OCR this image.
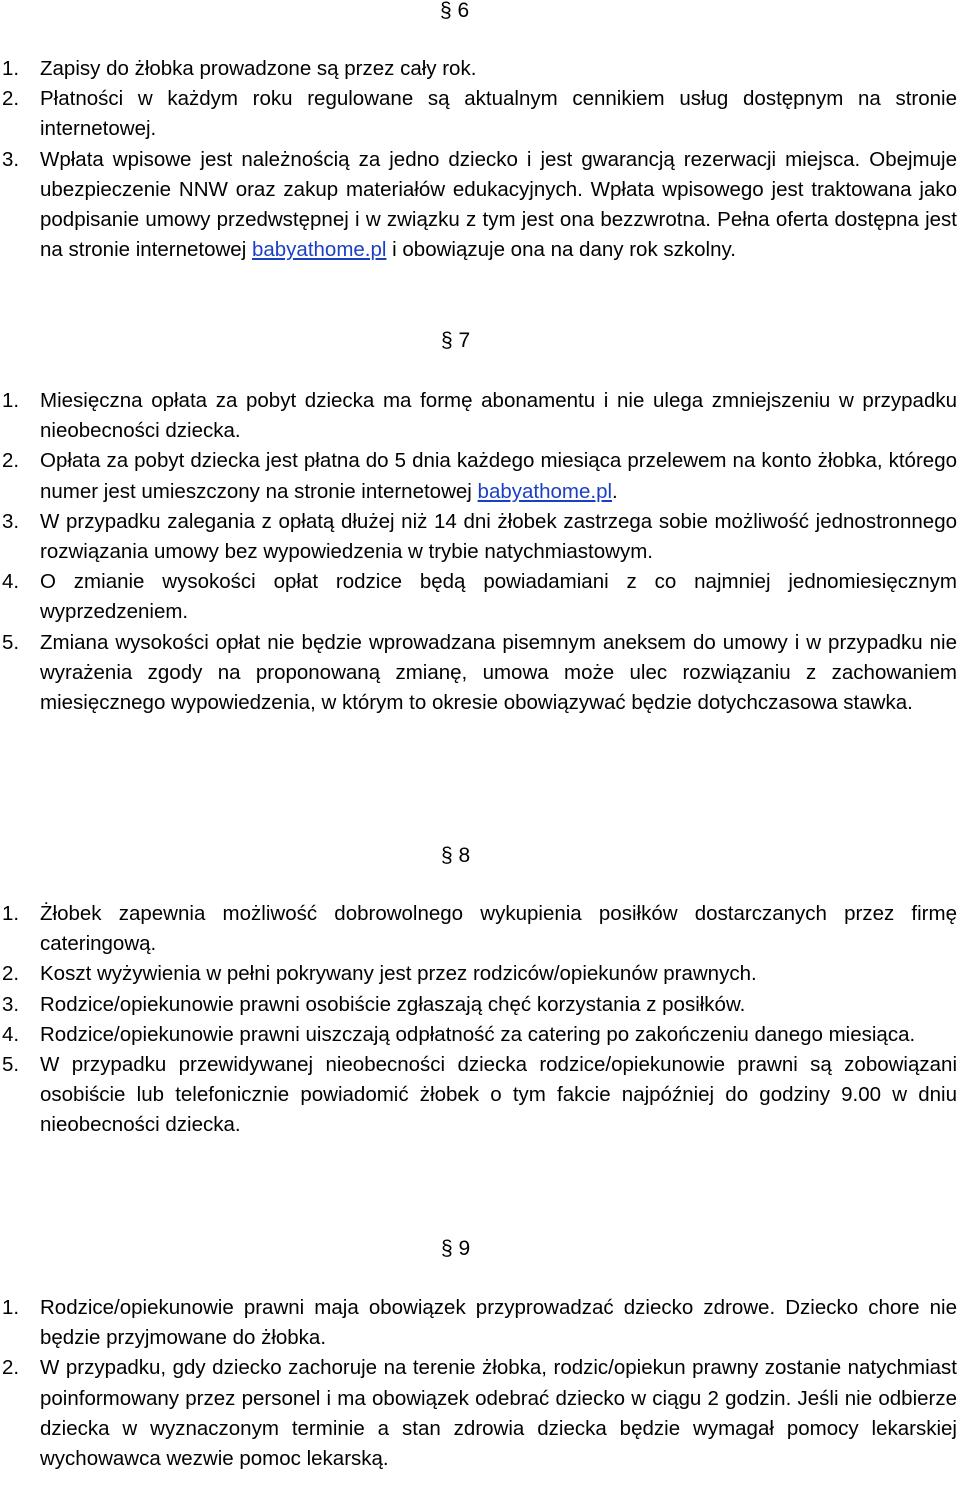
§ 6
1. Zapisy do żłobka prowadzone są przez cały rok.
2. Płatności w każdym roku regulowane są aktualnym cennikiem usług dostępnym na stronie internetowej.
3. Wpłata wpisowe jest należnością za jedno dziecko i jest gwarancją rezerwacji miejsca. Obejmuje ubezpieczenie NNW oraz zakup materiałów edukacyjnych. Wpłata wpisowego jest traktowana jako podpisanie umowy przedwstępnej i w związku z tym jest ona bezzwrotna. Pełna oferta dostępna jest na stronie internetowej babyathome.pl i obowiązuje ona na dany rok szkolny.
§ 7
1. Miesięczna opłata za pobyt dziecka ma formę abonamentu i nie ulega zmniejszeniu w przypadku nieobecności dziecka.
2. Opłata za pobyt dziecka jest płatna do 5 dnia każdego miesiąca przelewem na konto żłobka, którego numer jest umieszczony na stronie internetowej babyathome.pl.
3. W przypadku zalegania z opłatą dłużej niż 14 dni żłobek zastrzega sobie możliwość jednostronnego rozwiązania umowy bez wypowiedzenia w trybie natychmiastowym.
4. O zmianie wysokości opłat rodzice będą powiadamiani z co najmniej jednomiesięcznym wyprzedzeniem.
5. Zmiana wysokości opłat nie będzie wprowadzana pisemnym aneksem do umowy i w przypadku nie wyrażenia zgody na proponowaną zmianę, umowa może ulec rozwiązaniu z zachowaniem miesięcznego wypowiedzenia, w którym to okresie obowiązywać będzie dotychczasowa stawka.
§ 8
1. Żłobek zapewnia możliwość dobrowolnego wykupienia posiłków dostarczanych przez firmę cateringową.
2. Koszt wyżywienia w pełni pokrywany jest przez rodziców/opiekunów prawnych.
3. Rodzice/opiekunowie prawni osobiście zgłaszają chęć korzystania z posiłków.
4. Rodzice/opiekunowie prawni uiszczają odpłatność za catering po zakończeniu danego miesiąca.
5. W przypadku przewidywanej nieobecności dziecka rodzice/opiekunowie prawni są zobowiązani osobiście lub telefonicznie powiadomić żłobek o tym fakcie najpóźniej do godziny 9.00 w dniu nieobecności dziecka.
§ 9
1. Rodzice/opiekunowie prawni maja obowiązek przyprowadzać dziecko zdrowe. Dziecko chore nie będzie przyjmowane do żłobka.
2. W przypadku, gdy dziecko zachoruje na terenie żłobka, rodzic/opiekun prawny zostanie natychmiast poinformowany przez personel i ma obowiązek odebrać dziecko w ciągu 2 godzin. Jeśli nie odbierze dziecka w wyznaczonym terminie a stan zdrowia dziecka będzie wymagał pomocy lekarskiej wychowawca wezwie pomoc lekarską.
